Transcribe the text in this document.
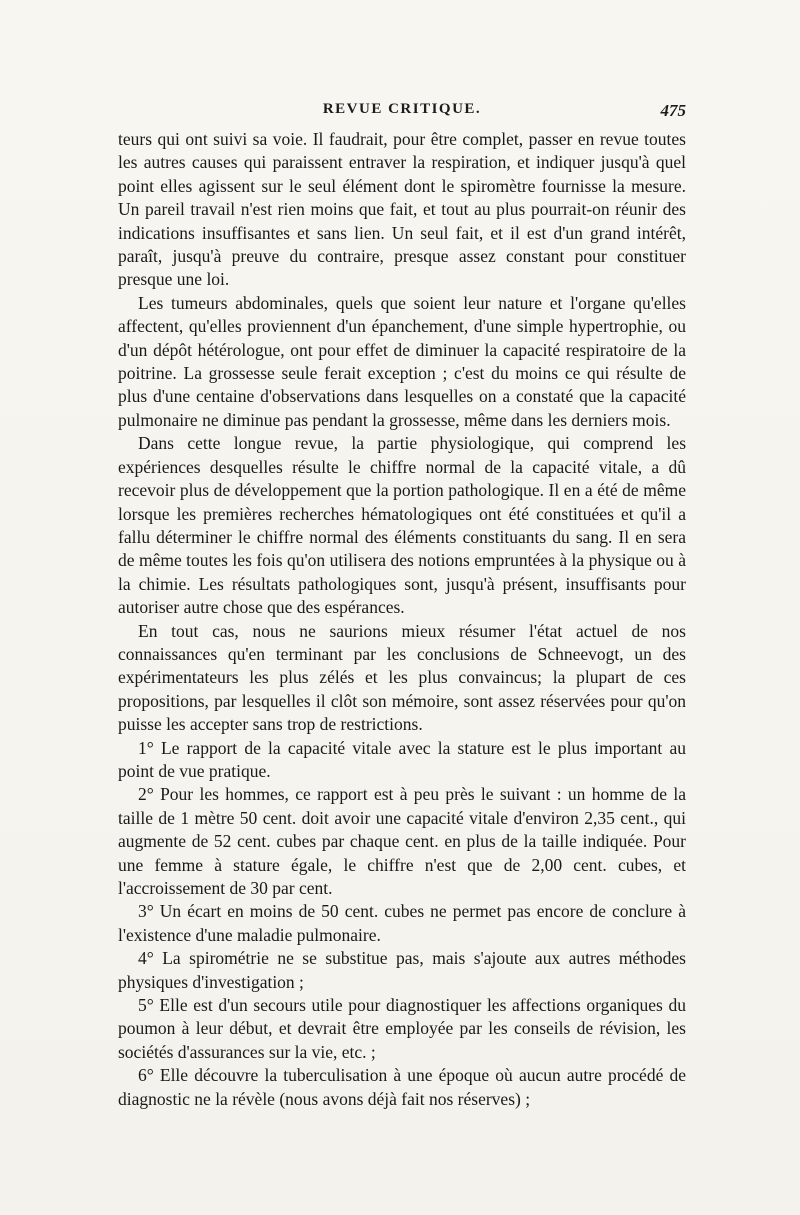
REVUE CRITIQUE.	475

teurs qui ont suivi sa voie. Il faudrait, pour être complet, passer en revue toutes les autres causes qui paraissent entraver la respiration, et indiquer jusqu'à quel point elles agissent sur le seul élément dont le spiromètre fournisse la mesure. Un pareil travail n'est rien moins que fait, et tout au plus pourrait-on réunir des indications insuffisantes et sans lien. Un seul fait, et il est d'un grand intérêt, paraît, jusqu'à preuve du contraire, presque assez constant pour constituer presque une loi.

Les tumeurs abdominales, quels que soient leur nature et l'organe qu'elles affectent, qu'elles proviennent d'un épanchement, d'une simple hypertrophie, ou d'un dépôt hétérologue, ont pour effet de diminuer la capacité respiratoire de la poitrine. La grossesse seule ferait exception ; c'est du moins ce qui résulte de plus d'une centaine d'observations dans lesquelles on a constaté que la capacité pulmonaire ne diminue pas pendant la grossesse, même dans les derniers mois.

Dans cette longue revue, la partie physiologique, qui comprend les expériences desquelles résulte le chiffre normal de la capacité vitale, a dû recevoir plus de développement que la portion pathologique. Il en a été de même lorsque les premières recherches hématologiques ont été constituées et qu'il a fallu déterminer le chiffre normal des éléments constituants du sang. Il en sera de même toutes les fois qu'on utilisera des notions empruntées à la physique ou à la chimie. Les résultats pathologiques sont, jusqu'à présent, insuffisants pour autoriser autre chose que des espérances.

En tout cas, nous ne saurions mieux résumer l'état actuel de nos connaissances qu'en terminant par les conclusions de Schneevogt, un des expérimentateurs les plus zélés et les plus convaincus; la plupart de ces propositions, par lesquelles il clôt son mémoire, sont assez réservées pour qu'on puisse les accepter sans trop de restrictions.

1° Le rapport de la capacité vitale avec la stature est le plus important au point de vue pratique.

2° Pour les hommes, ce rapport est à peu près le suivant : un homme de la taille de 1 mètre 50 cent. doit avoir une capacité vitale d'environ 2,35 cent., qui augmente de 52 cent. cubes par chaque cent. en plus de la taille indiquée. Pour une femme à stature égale, le chiffre n'est que de 2,00 cent. cubes, et l'accroissement de 30 par cent.

3° Un écart en moins de 50 cent. cubes ne permet pas encore de conclure à l'existence d'une maladie pulmonaire.

4° La spirométrie ne se substitue pas, mais s'ajoute aux autres méthodes physiques d'investigation ;

5° Elle est d'un secours utile pour diagnostiquer les affections organiques du poumon à leur début, et devrait être employée par les conseils de révision, les sociétés d'assurances sur la vie, etc. ;

6° Elle découvre la tuberculisation à une époque où aucun autre procédé de diagnostic ne la révèle (nous avons déjà fait nos réserves) ;
